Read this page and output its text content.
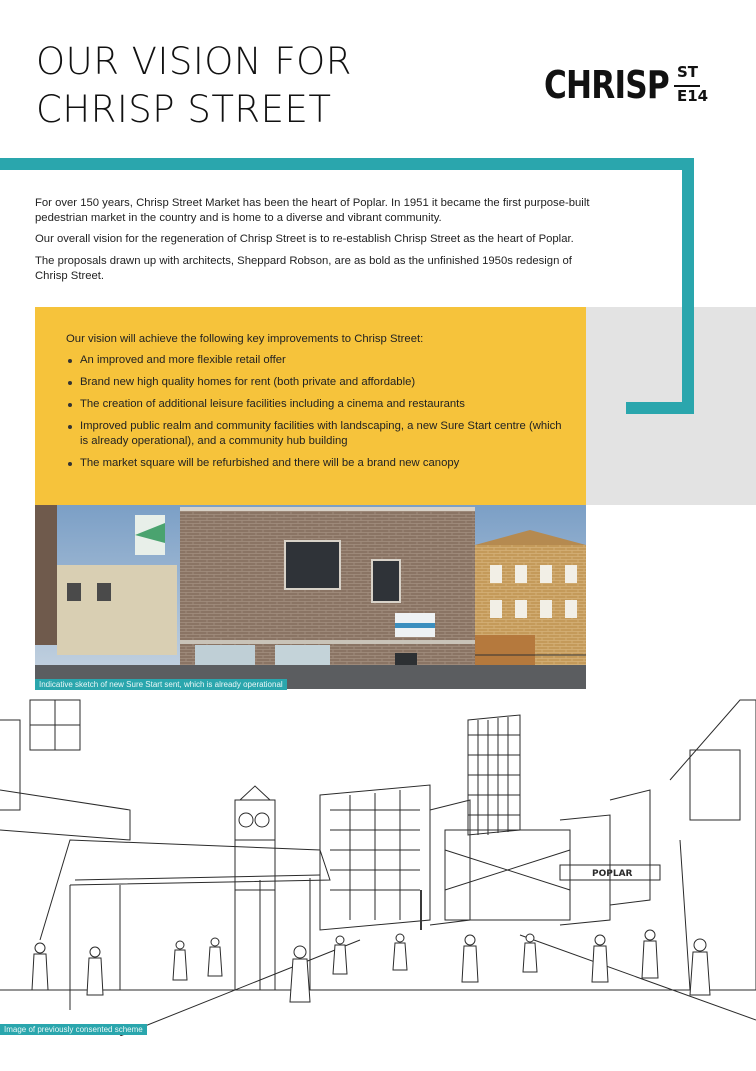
OUR VISION FOR
CHRISP STREET
CHRISP ST
E14

For over 150 years, Chrisp Street Market has been the heart of Poplar. In 1951 it became the first purpose-built pedestrian market in the country and is home to a diverse and vibrant community.

Our overall vision for the regeneration of Chrisp Street is to re-establish Chrisp Street as the heart of Poplar.

The proposals drawn up with architects, Sheppard Robson, are as bold as the unfinished 1950s redesign of Chrisp Street.

Our vision will achieve the following key improvements to Chrisp Street:
An improved and more flexible retail offer
Brand new high quality homes for rent (both private and affordable)
The creation of additional leisure facilities including a cinema and restaurants
Improved public realm and community facilities with landscaping, a new Sure Start centre (which is already operational), and a community hub building
The market square will be refurbished and there will be a brand new canopy
Indicative sketch of new Sure Start sent, which is already operational
POPLAR
Image of previously consented scheme
